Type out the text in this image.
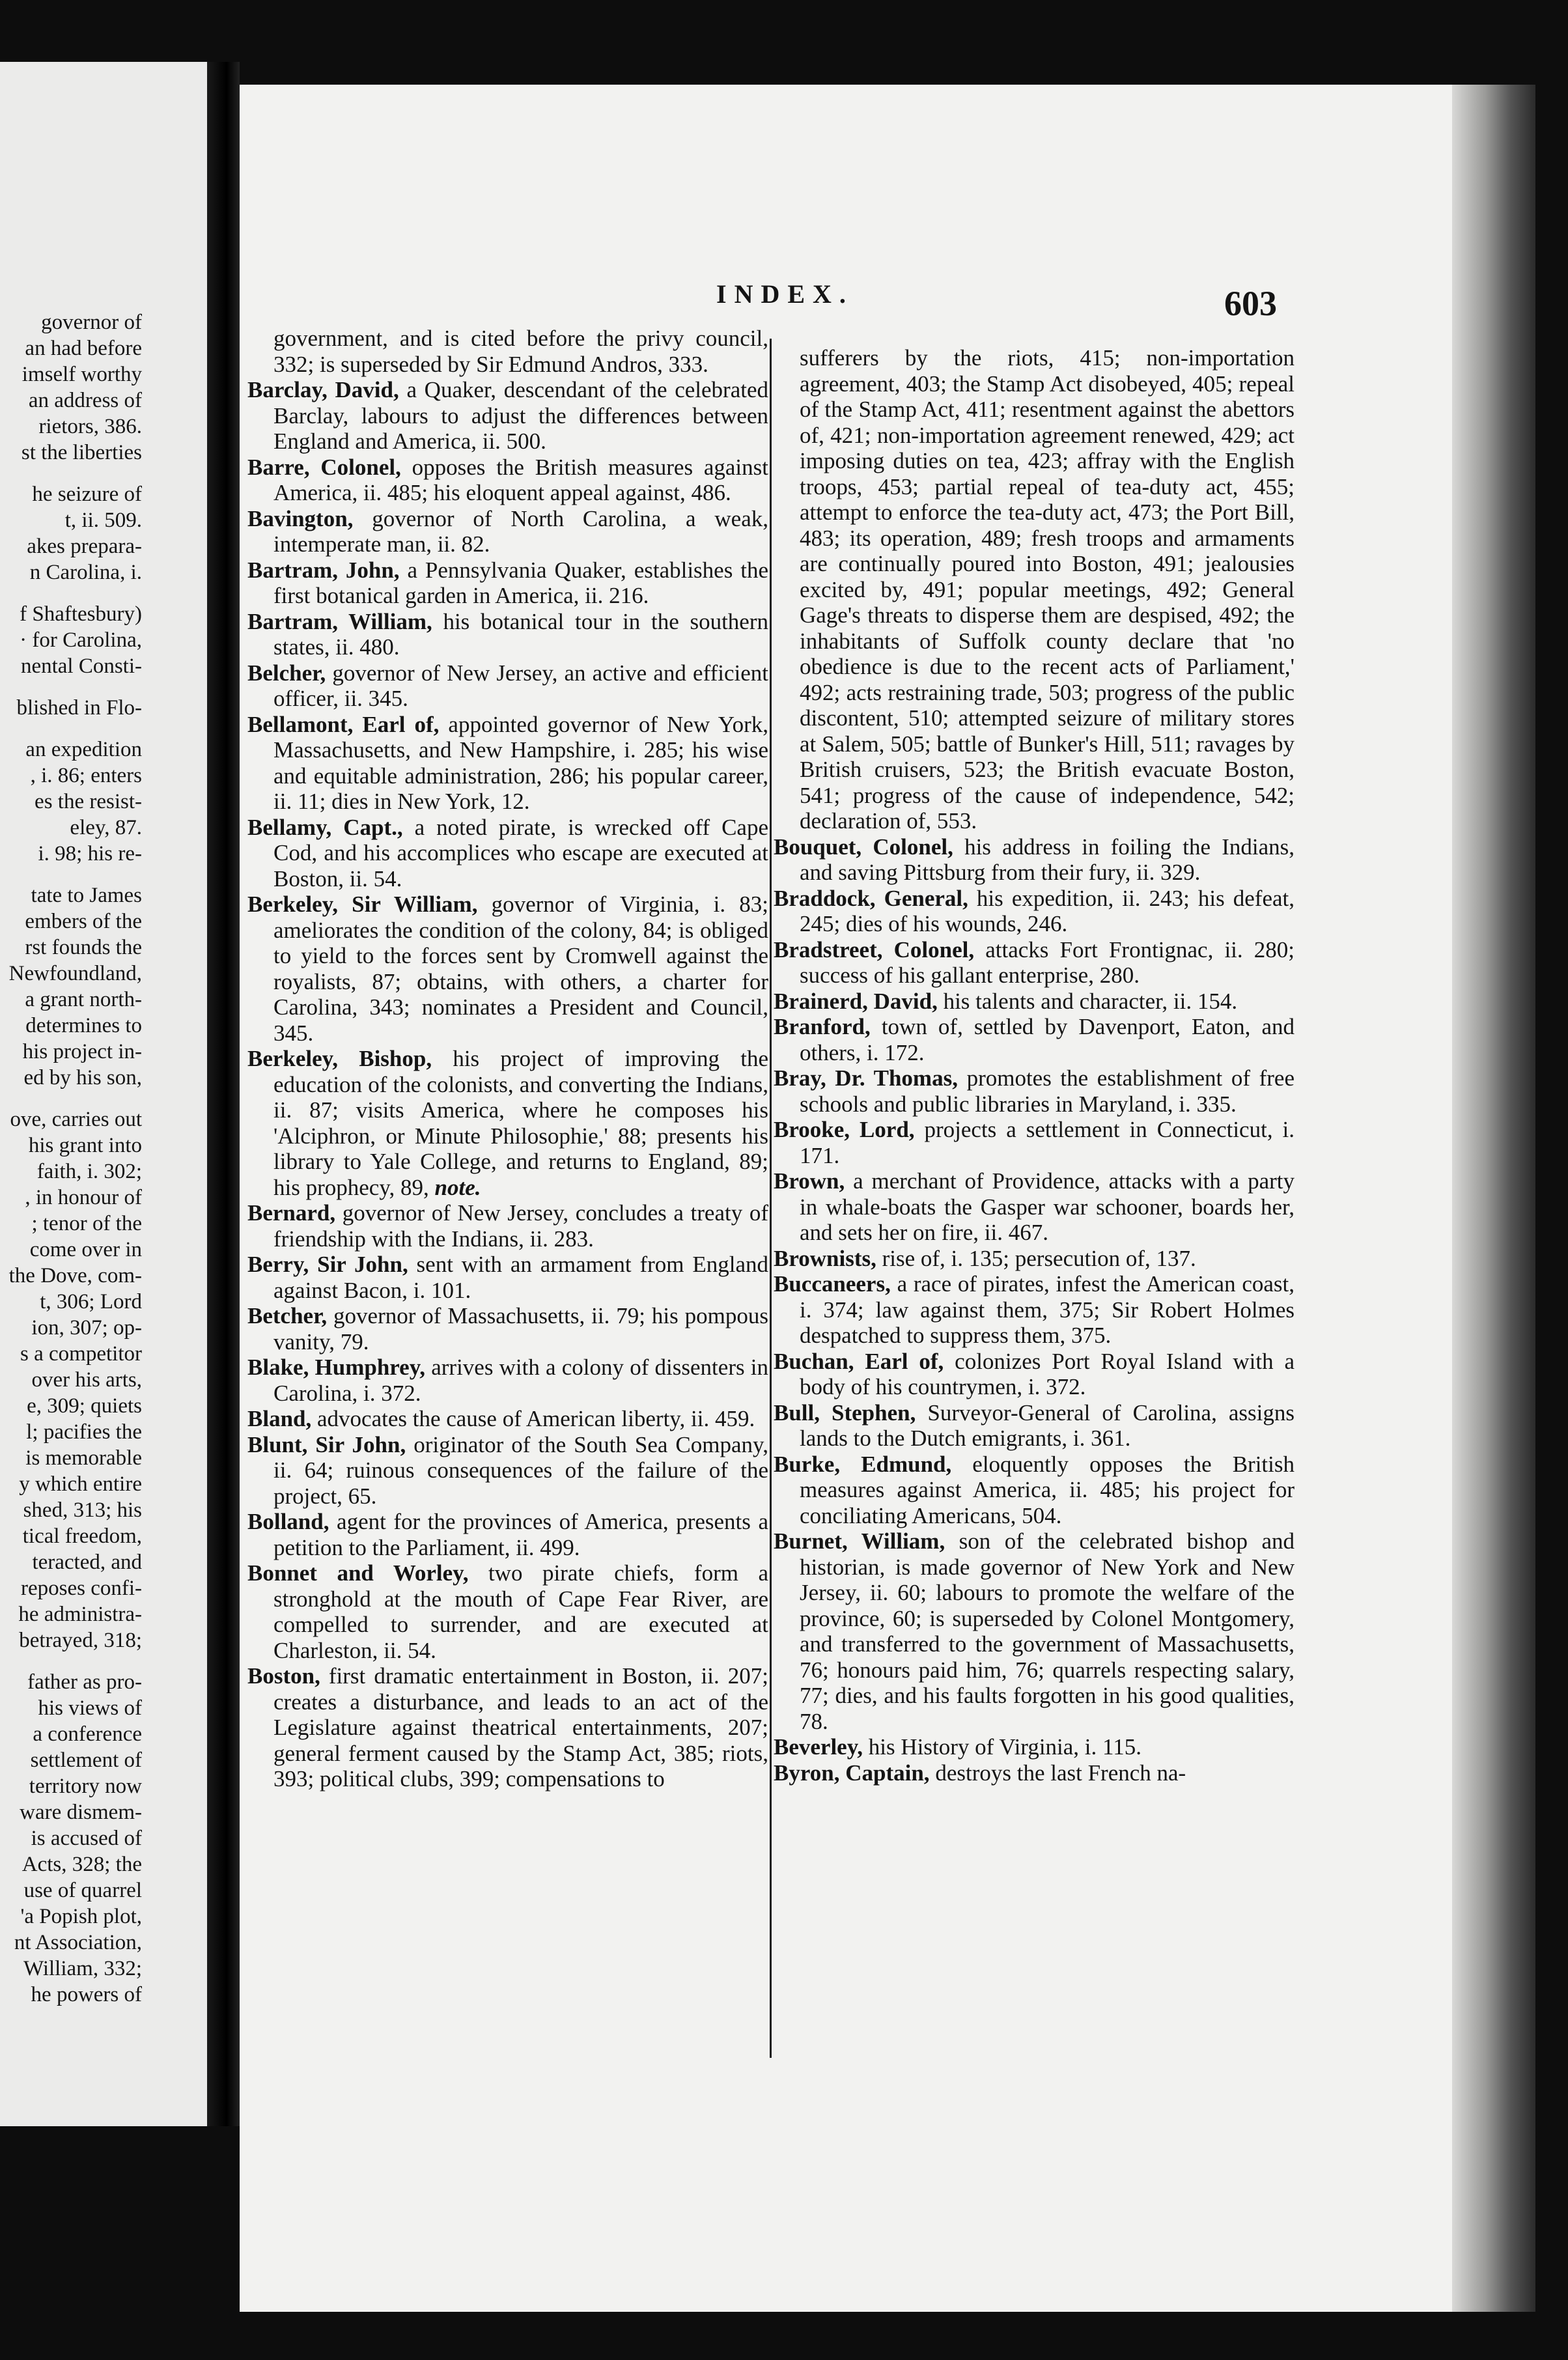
governor of
an had before
imself worthy
an address of
rietors, 386.
st the liberties
he seizure of
t, ii. 509.
akes prepara-
n Carolina, i.
f Shaftesbury)
· for Carolina,
nental Consti-
blished in Flo-
an expedition
, i. 86; enters
es the resist-
eley, 87.
i. 98; his re-
tate to James
embers of the
rst founds the
Newfoundland,
a grant north-
determines to
his project in-
ed by his son,
ove, carries out
his grant into
faith, i. 302;
, in honour of
; tenor of the
come over in
the Dove, com-
t, 306; Lord
ion, 307; op-
s a competitor
over his arts,
e, 309; quiets
l; pacifies the
is memorable
y which entire
shed, 313; his
tical freedom,
teracted, and
reposes confi-
he administra-
betrayed, 318;
father as pro-
his views of
a conference
settlement of
territory now
ware dismem-
is accused of
Acts, 328; the
use of quarrel
'a Popish plot,
nt Association,
William, 332;
he powers of
INDEX.	603
government, and is cited before the privy council, 332; is superseded by Sir Edmund Andros, 333.
Barclay, David, a Quaker, descendant of the celebrated Barclay, labours to adjust the differences between England and America, ii. 500.
Barre, Colonel, opposes the British measures against America, ii. 485; his eloquent appeal against, 486.
Bavington, governor of North Carolina, a weak, intemperate man, ii. 82.
Bartram, John, a Pennsylvania Quaker, establishes the first botanical garden in America, ii. 216.
Bartram, William, his botanical tour in the southern states, ii. 480.
Belcher, governor of New Jersey, an active and efficient officer, ii. 345.
Bellamont, Earl of, appointed governor of New York, Massachusetts, and New Hampshire, i. 285; his wise and equitable administration, 286; his popular career, ii. 11; dies in New York, 12.
Bellamy, Capt., a noted pirate, is wrecked off Cape Cod, and his accomplices who escape are executed at Boston, ii. 54.
Berkeley, Sir William, governor of Virginia, i. 83; ameliorates the condition of the colony, 84; is obliged to yield to the forces sent by Cromwell against the royalists, 87; obtains, with others, a charter for Carolina, 343; nominates a President and Council, 345.
Berkeley, Bishop, his project of improving the education of the colonists, and converting the Indians, ii. 87; visits America, where he composes his 'Alciphron, or Minute Philosophie,' 88; presents his library to Yale College, and returns to England, 89; his prophecy, 89, note.
Bernard, governor of New Jersey, concludes a treaty of friendship with the Indians, ii. 283.
Berry, Sir John, sent with an armament from England against Bacon, i. 101.
Betcher, governor of Massachusetts, ii. 79; his pompous vanity, 79.
Blake, Humphrey, arrives with a colony of dissenters in Carolina, i. 372.
Bland, advocates the cause of American liberty, ii. 459.
Blunt, Sir John, originator of the South Sea Company, ii. 64; ruinous consequences of the failure of the project, 65.
Bolland, agent for the provinces of America, presents a petition to the Parliament, ii. 499.
Bonnet and Worley, two pirate chiefs, form a stronghold at the mouth of Cape Fear River, are compelled to surrender, and are executed at Charleston, ii. 54.
Boston, first dramatic entertainment in Boston, ii. 207; creates a disturbance, and leads to an act of the Legislature against theatrical entertainments, 207; general ferment caused by the Stamp Act, 385; riots, 393; political clubs, 399; compensations to
sufferers by the riots, 415; non-importation agreement, 403; the Stamp Act disobeyed, 405; repeal of the Stamp Act, 411; resentment against the abettors of, 421; non-importation agreement renewed, 429; act imposing duties on tea, 423; affray with the English troops, 453; partial repeal of tea-duty act, 455; attempt to enforce the tea-duty act, 473; the Port Bill, 483; its operation, 489; fresh troops and armaments are continually poured into Boston, 491; jealousies excited by, 491; popular meetings, 492; General Gage's threats to disperse them are despised, 492; the inhabitants of Suffolk county declare that 'no obedience is due to the recent acts of Parliament,' 492; acts restraining trade, 503; progress of the public discontent, 510; attempted seizure of military stores at Salem, 505; battle of Bunker's Hill, 511; ravages by British cruisers, 523; the British evacuate Boston, 541; progress of the cause of independence, 542; declaration of, 553.
Bouquet, Colonel, his address in foiling the Indians, and saving Pittsburg from their fury, ii. 329.
Braddock, General, his expedition, ii. 243; his defeat, 245; dies of his wounds, 246.
Bradstreet, Colonel, attacks Fort Frontignac, ii. 280; success of his gallant enterprise, 280.
Brainerd, David, his talents and character, ii. 154.
Branford, town of, settled by Davenport, Eaton, and others, i. 172.
Bray, Dr. Thomas, promotes the establishment of free schools and public libraries in Maryland, i. 335.
Brooke, Lord, projects a settlement in Connecticut, i. 171.
Brown, a merchant of Providence, attacks with a party in whale-boats the Gasper war schooner, boards her, and sets her on fire, ii. 467.
Brownists, rise of, i. 135; persecution of, 137.
Buccaneers, a race of pirates, infest the American coast, i. 374; law against them, 375; Sir Robert Holmes despatched to suppress them, 375.
Buchan, Earl of, colonizes Port Royal Island with a body of his countrymen, i. 372.
Bull, Stephen, Surveyor-General of Carolina, assigns lands to the Dutch emigrants, i. 361.
Burke, Edmund, eloquently opposes the British measures against America, ii. 485; his project for conciliating Americans, 504.
Burnet, William, son of the celebrated bishop and historian, is made governor of New York and New Jersey, ii. 60; labours to promote the welfare of the province, 60; is superseded by Colonel Montgomery, and transferred to the government of Massachusetts, 76; honours paid him, 76; quarrels respecting salary, 77; dies, and his faults forgotten in his good qualities, 78.
Beverley, his History of Virginia, i. 115.
Byron, Captain, destroys the last French na-
